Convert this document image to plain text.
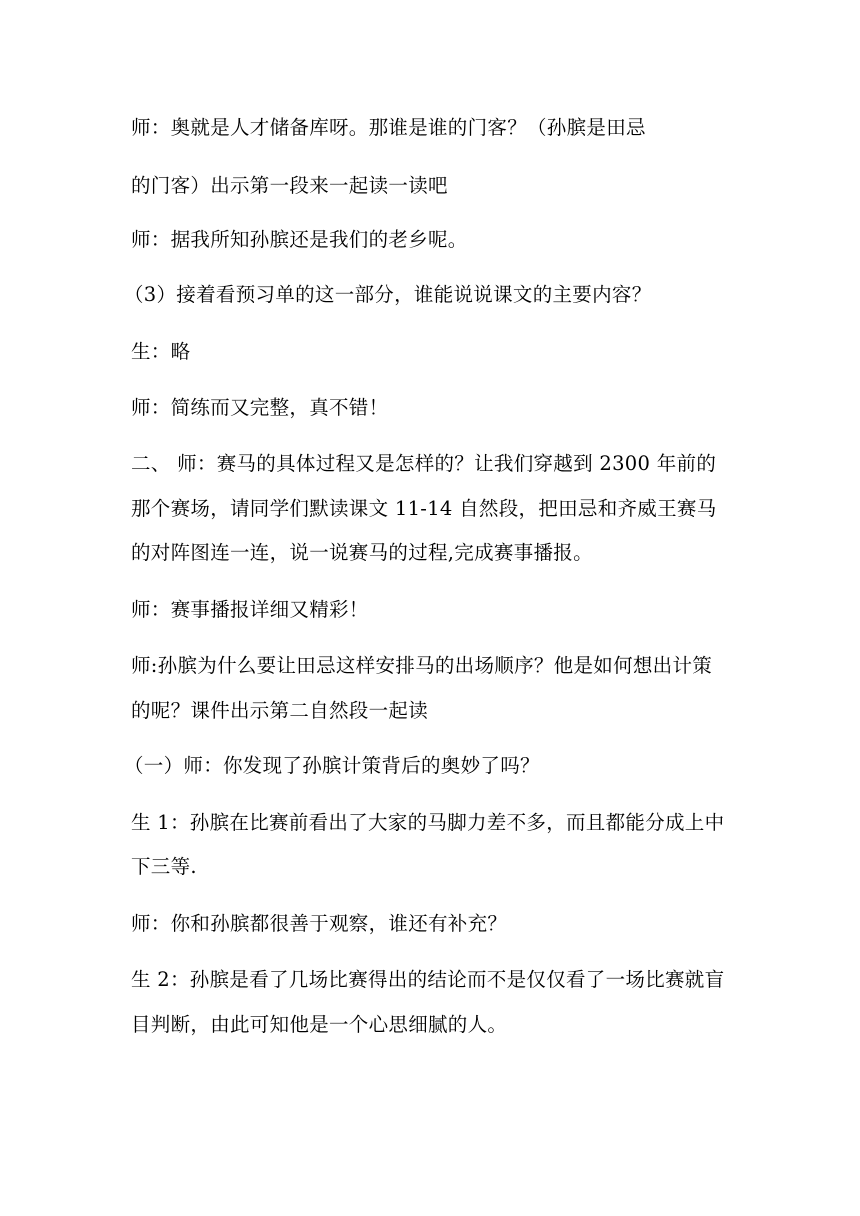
师：奥就是人才储备库呀。那谁是谁的门客？（孙膑是田忌
的门客）出示第一段来一起读一读吧
师：据我所知孙膑还是我们的老乡呢。
（3）接着看预习单的这一部分，谁能说说课文的主要内容？
生：略
师：简练而又完整，真不错！
二、 师：赛马的具体过程又是怎样的？让我们穿越到 2300 年前的
那个赛场，请同学们默读课文 11-14 自然段，把田忌和齐威王赛马
的对阵图连一连，说一说赛马的过程,完成赛事播报。
师：赛事播报详细又精彩！
师:孙膑为什么要让田忌这样安排马的出场顺序？他是如何想出计策
的呢？课件出示第二自然段一起读
（一）师：你发现了孙膑计策背后的奥妙了吗？
生 1：孙膑在比赛前看出了大家的马脚力差不多，而且都能分成上中
下三等.
师：你和孙膑都很善于观察，谁还有补充？
生 2：孙膑是看了几场比赛得出的结论而不是仅仅看了一场比赛就盲
目判断，由此可知他是一个心思细腻的人。
